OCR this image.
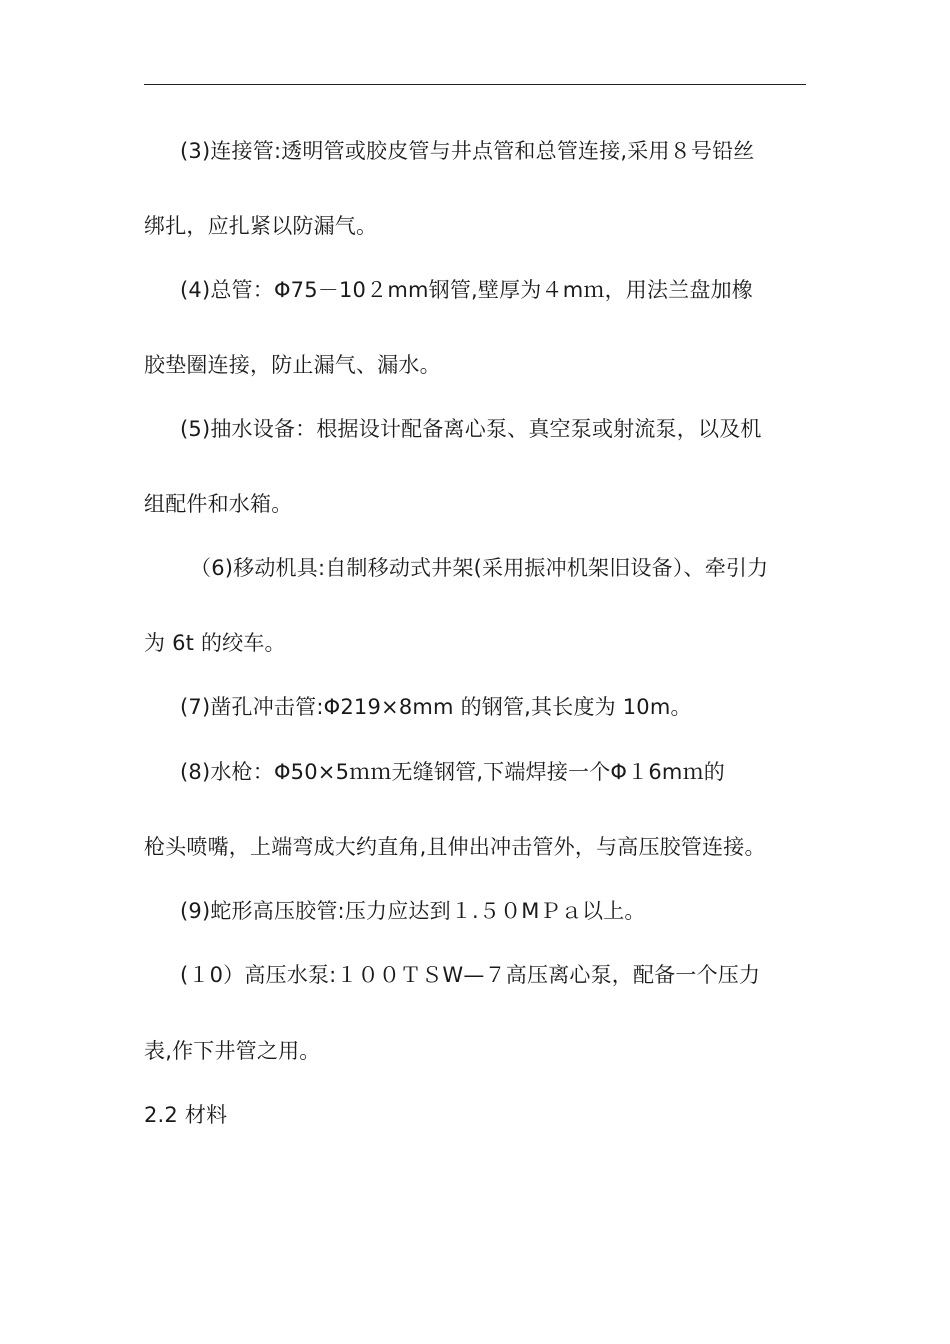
(3)连接管:透明管或胶皮管与井点管和总管连接,采用８号铅丝
绑扎，应扎紧以防漏气。
(4)总管：Φ75－10２mm钢管,壁厚为４mｍ，用法兰盘加橡
胶垫圈连接，防止漏气、漏水。
(5)抽水设备：根据设计配备离心泵、真空泵或射流泵，以及机
组配件和水箱。
（6)移动机具:自制移动式井架(采用振冲机架旧设备）、牵引力
为 6t 的绞车。
(7)凿孔冲击管:Φ219×8mm 的钢管,其长度为 10m。
(8)水枪：Φ50×5ｍｍ无缝钢管,下端焊接一个Φ１6mｍ的
枪头喷嘴，上端弯成大约直角,且伸出冲击管外，与高压胶管连接。
(9)蛇形高压胶管:压力应达到１.５０MＰａ以上。
(１0）高压水泵:１００ＴＳW—７高压离心泵，配备一个压力
表,作下井管之用。
2.2 材料
